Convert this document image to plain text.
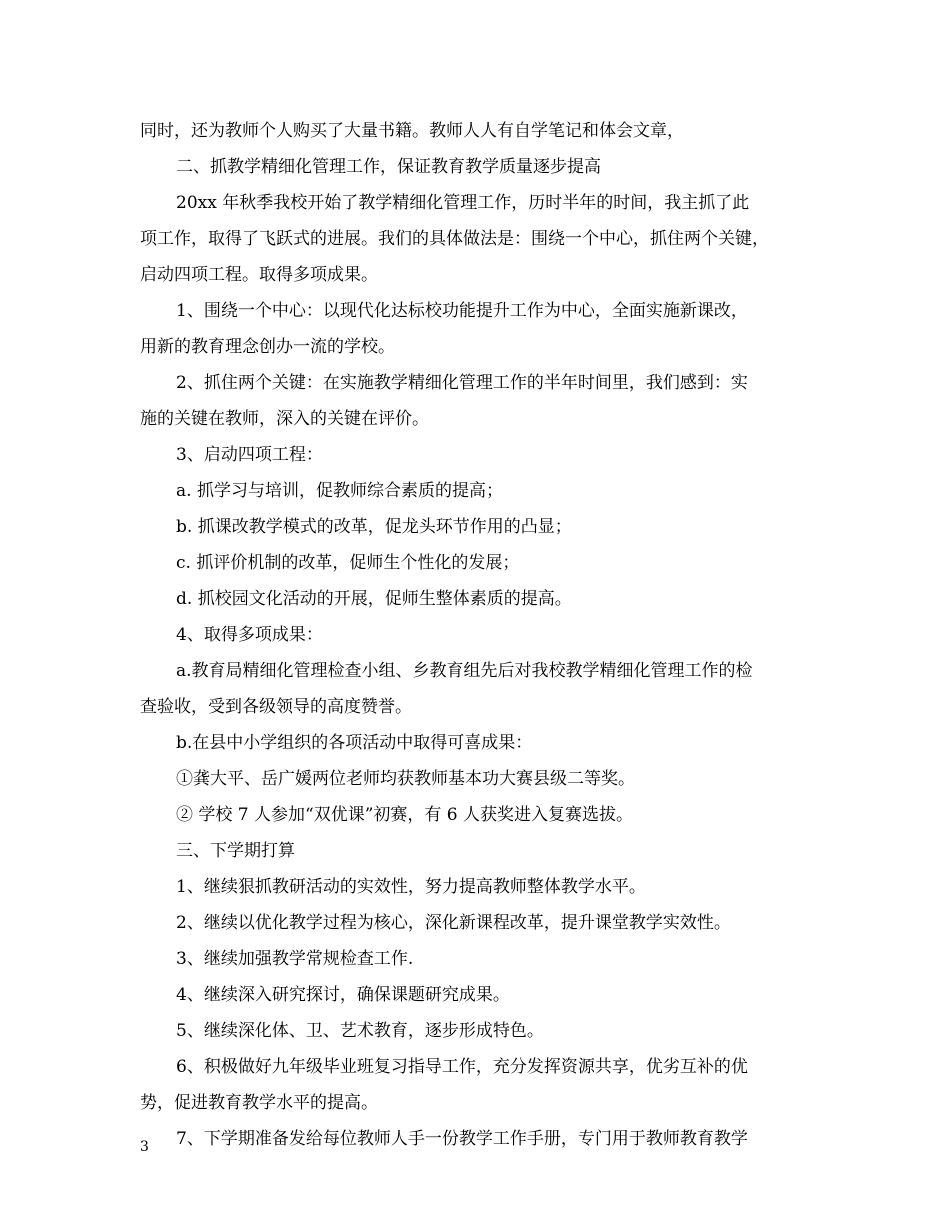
同时，还为教师个人购买了大量书籍。教师人人有自学笔记和体会文章，
二、抓教学精细化管理工作，保证教育教学质量逐步提高
20xx 年秋季我校开始了教学精细化管理工作，历时半年的时间，我主抓了此
项工作，取得了飞跃式的进展。我们的具体做法是：围绕一个中心，抓住两个关键，
启动四项工程。取得多项成果。
1、围绕一个中心：以现代化达标校功能提升工作为中心，全面实施新课改，
用新的教育理念创办一流的学校。
2、抓住两个关键：在实施教学精细化管理工作的半年时间里，我们感到：实
施的关键在教师，深入的关键在评价。
3、启动四项工程：
a. 抓学习与培训，促教师综合素质的提高；
b. 抓课改教学模式的改革，促龙头环节作用的凸显；
c. 抓评价机制的改革，促师生个性化的发展；
d. 抓校园文化活动的开展，促师生整体素质的提高。
4、取得多项成果：
a.教育局精细化管理检查小组、乡教育组先后对我校教学精细化管理工作的检
查验收，受到各级领导的高度赞誉。
b.在县中小学组织的各项活动中取得可喜成果：
①龚大平、岳广媛两位老师均获教师基本功大赛县级二等奖。
② 学校 7 人参加“双优课”初赛，有 6 人获奖进入复赛选拔。
三、下学期打算
1、继续狠抓教研活动的实效性，努力提高教师整体教学水平。
2、继续以优化教学过程为核心，深化新课程改革，提升课堂教学实效性。
3、继续加强教学常规检查工作.
4、继续深入研究探讨，确保课题研究成果。
5、继续深化体、卫、艺术教育，逐步形成特色。
6、积极做好九年级毕业班复习指导工作，充分发挥资源共享，优劣互补的优
势，促进教育教学水平的提高。
7、下学期准备发给每位教师人手一份教学工作手册，专门用于教师教育教学
3
